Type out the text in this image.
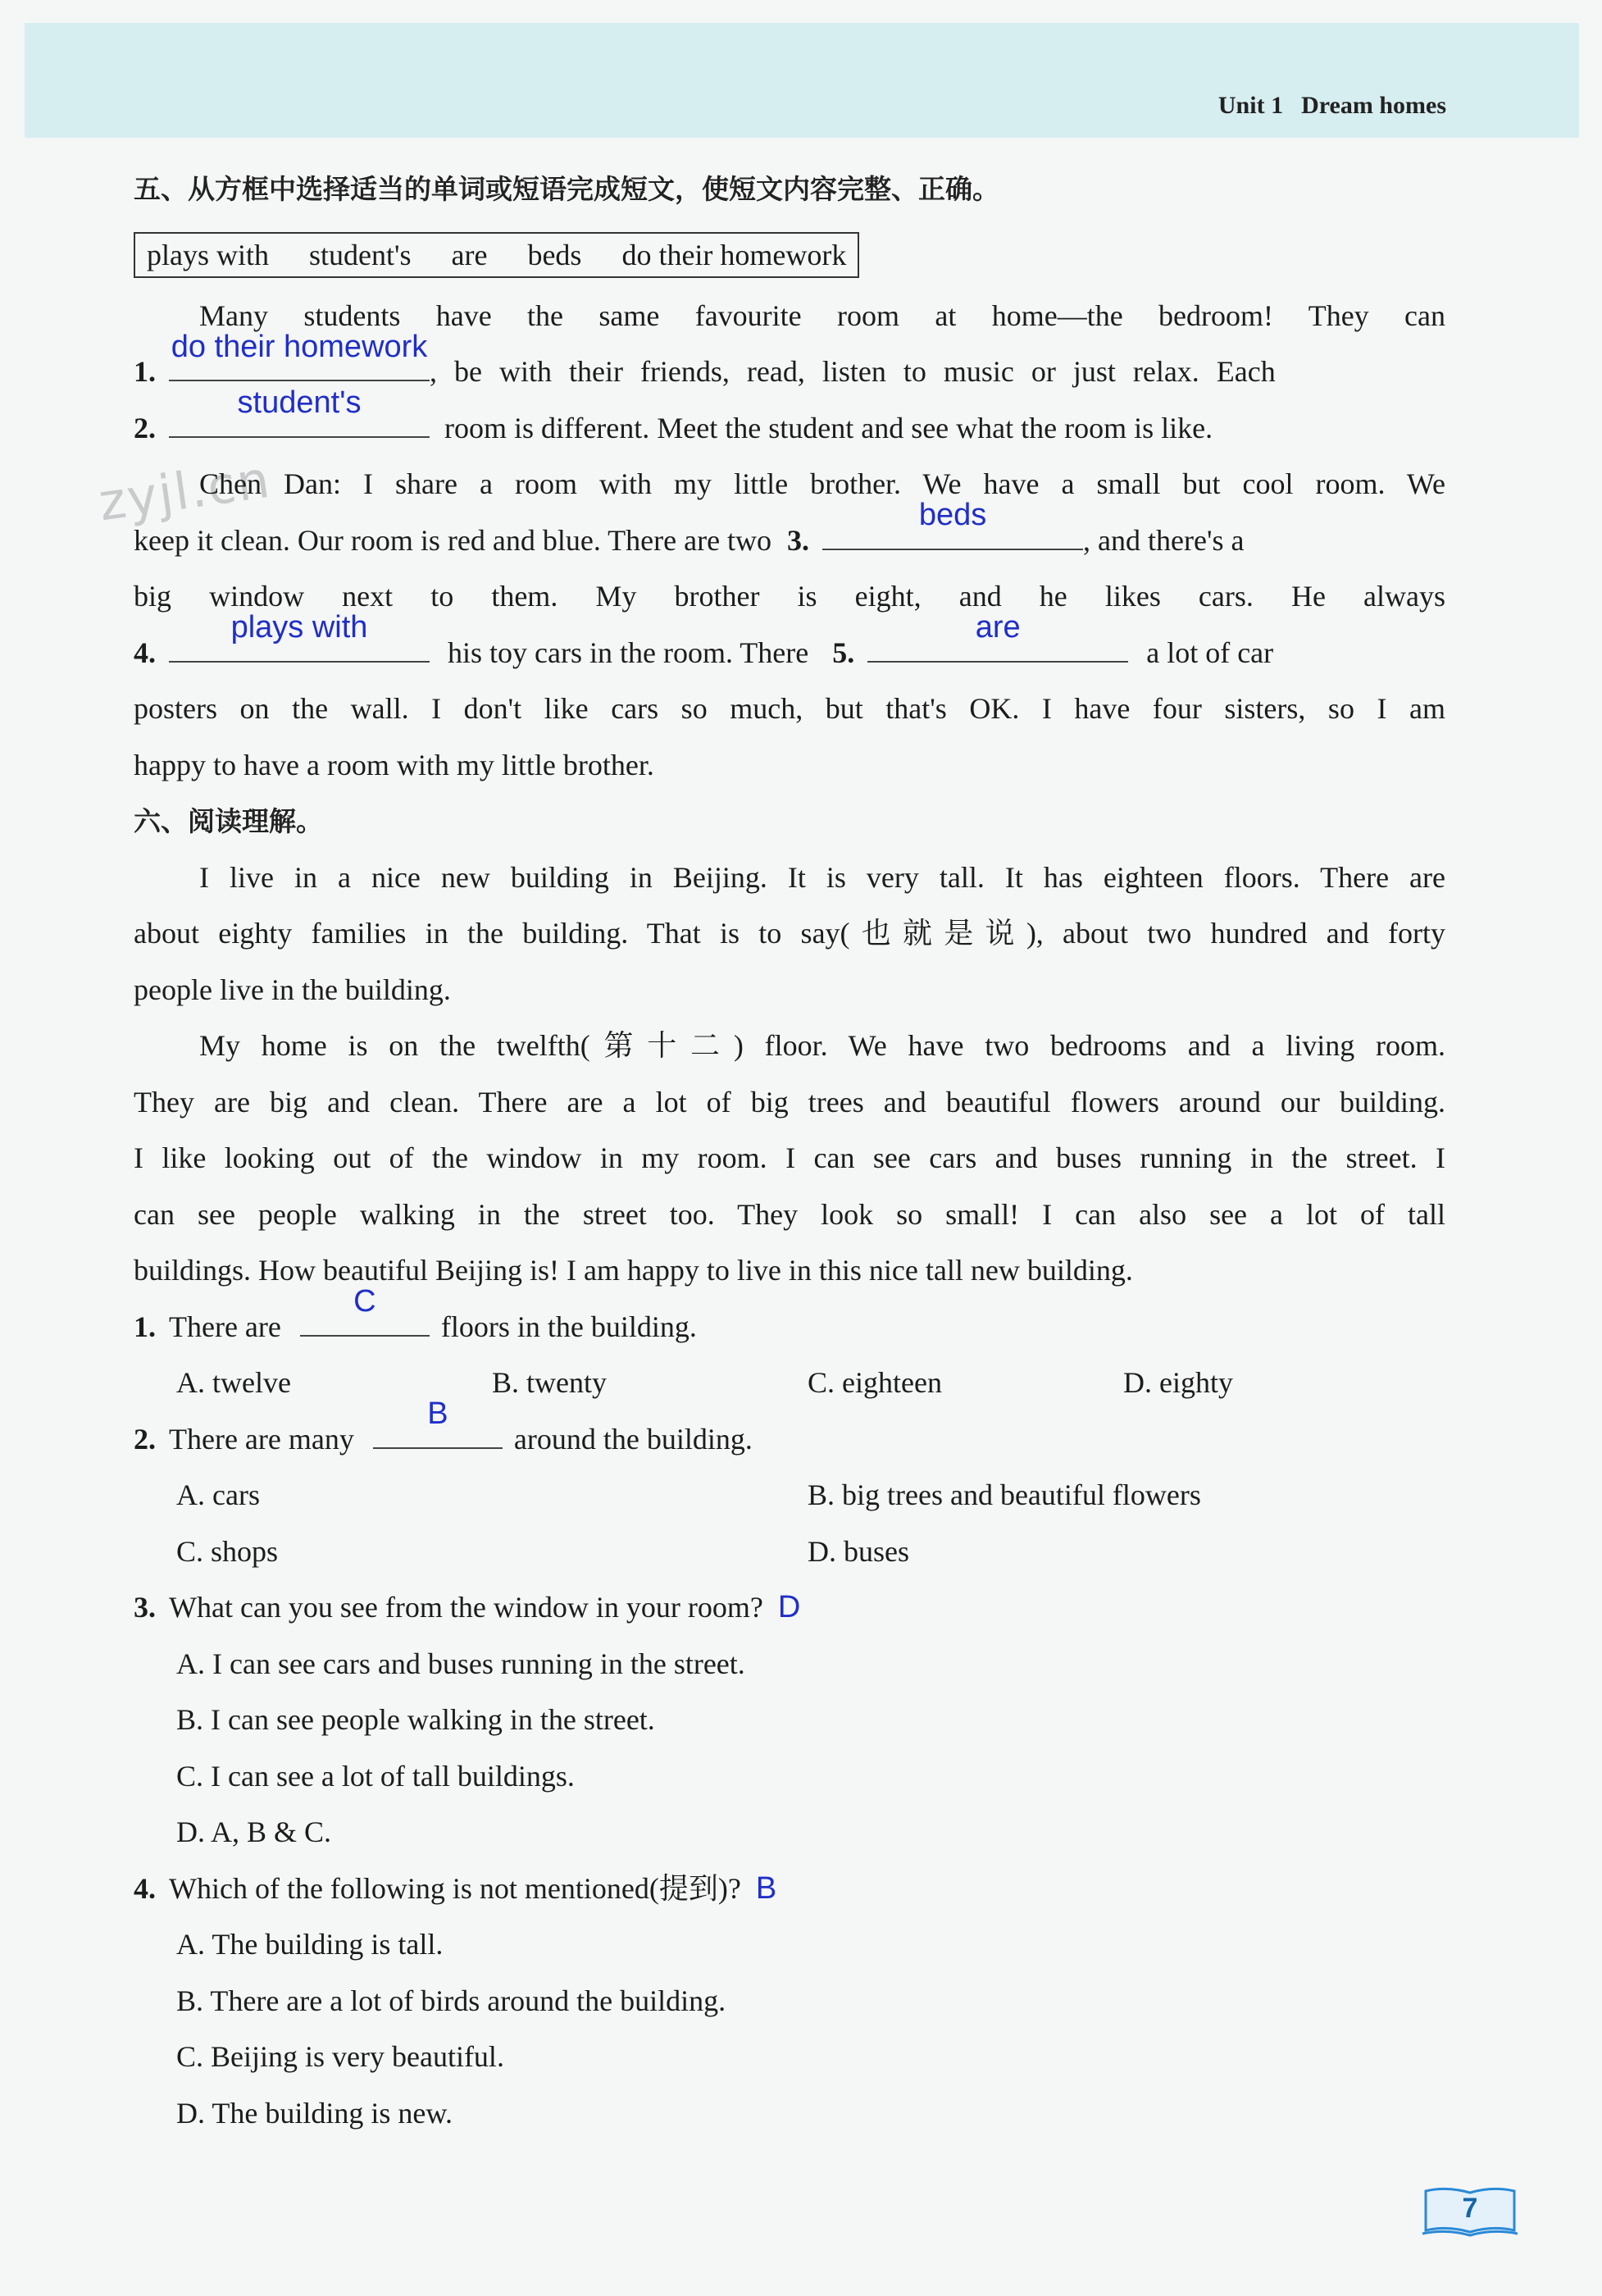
Unit 1 Dream homes
zyjl.cn
五、从方框中选择适当的单词或短语完成短文，使短文内容完整、正确。
plays with student's are beds do their homework
Many students have the same favourite room at home—the bedroom! They can
1.
do their homework
, be with their friends, read, listen to music or just relax. Each
2.
student's
room is different. Meet the student and see what the room is like.
Chen Dan: I share a room with my little brother. We have a small but cool room. We
keep it clean. Our room is red and blue. There are two 3.
beds
, and there's a
big window next to them. My brother is eight, and he likes cars. He always
4.
plays with
his toy cars in the room. There 5.
are
a lot of car
posters on the wall. I don't like cars so much, but that's OK. I have four sisters, so I am
happy to have a room with my little brother.
六、阅读理解。
I live in a nice new building in Beijing. It is very tall. It has eighteen floors. There are
about eighty families in the building. That is to say(也就是说), about two hundred and forty
people live in the building.
My home is on the twelfth(第十二) floor. We have two bedrooms and a living room.
They are big and clean. There are a lot of big trees and beautiful flowers around our building.
I like looking out of the window in my room. I can see cars and buses running in the street. I
can see people walking in the street too. They look so small! I can also see a lot of tall
buildings. How beautiful Beijing is! I am happy to live in this nice tall new building.
1. There are
C
floors in the building.
A. twelve	B. twenty	C. eighteen	D. eighty
2. There are many
B
around the building.
A. cars	B. big trees and beautiful flowers
C. shops	D. buses
3. What can you see from the window in your room? D
A. I can see cars and buses running in the street.
B. I can see people walking in the street.
C. I can see a lot of tall buildings.
D. A, B & C.
4. Which of the following is not mentioned(提到)? B
A. The building is tall.
B. There are a lot of birds around the building.
C. Beijing is very beautiful.
D. The building is new.
7
